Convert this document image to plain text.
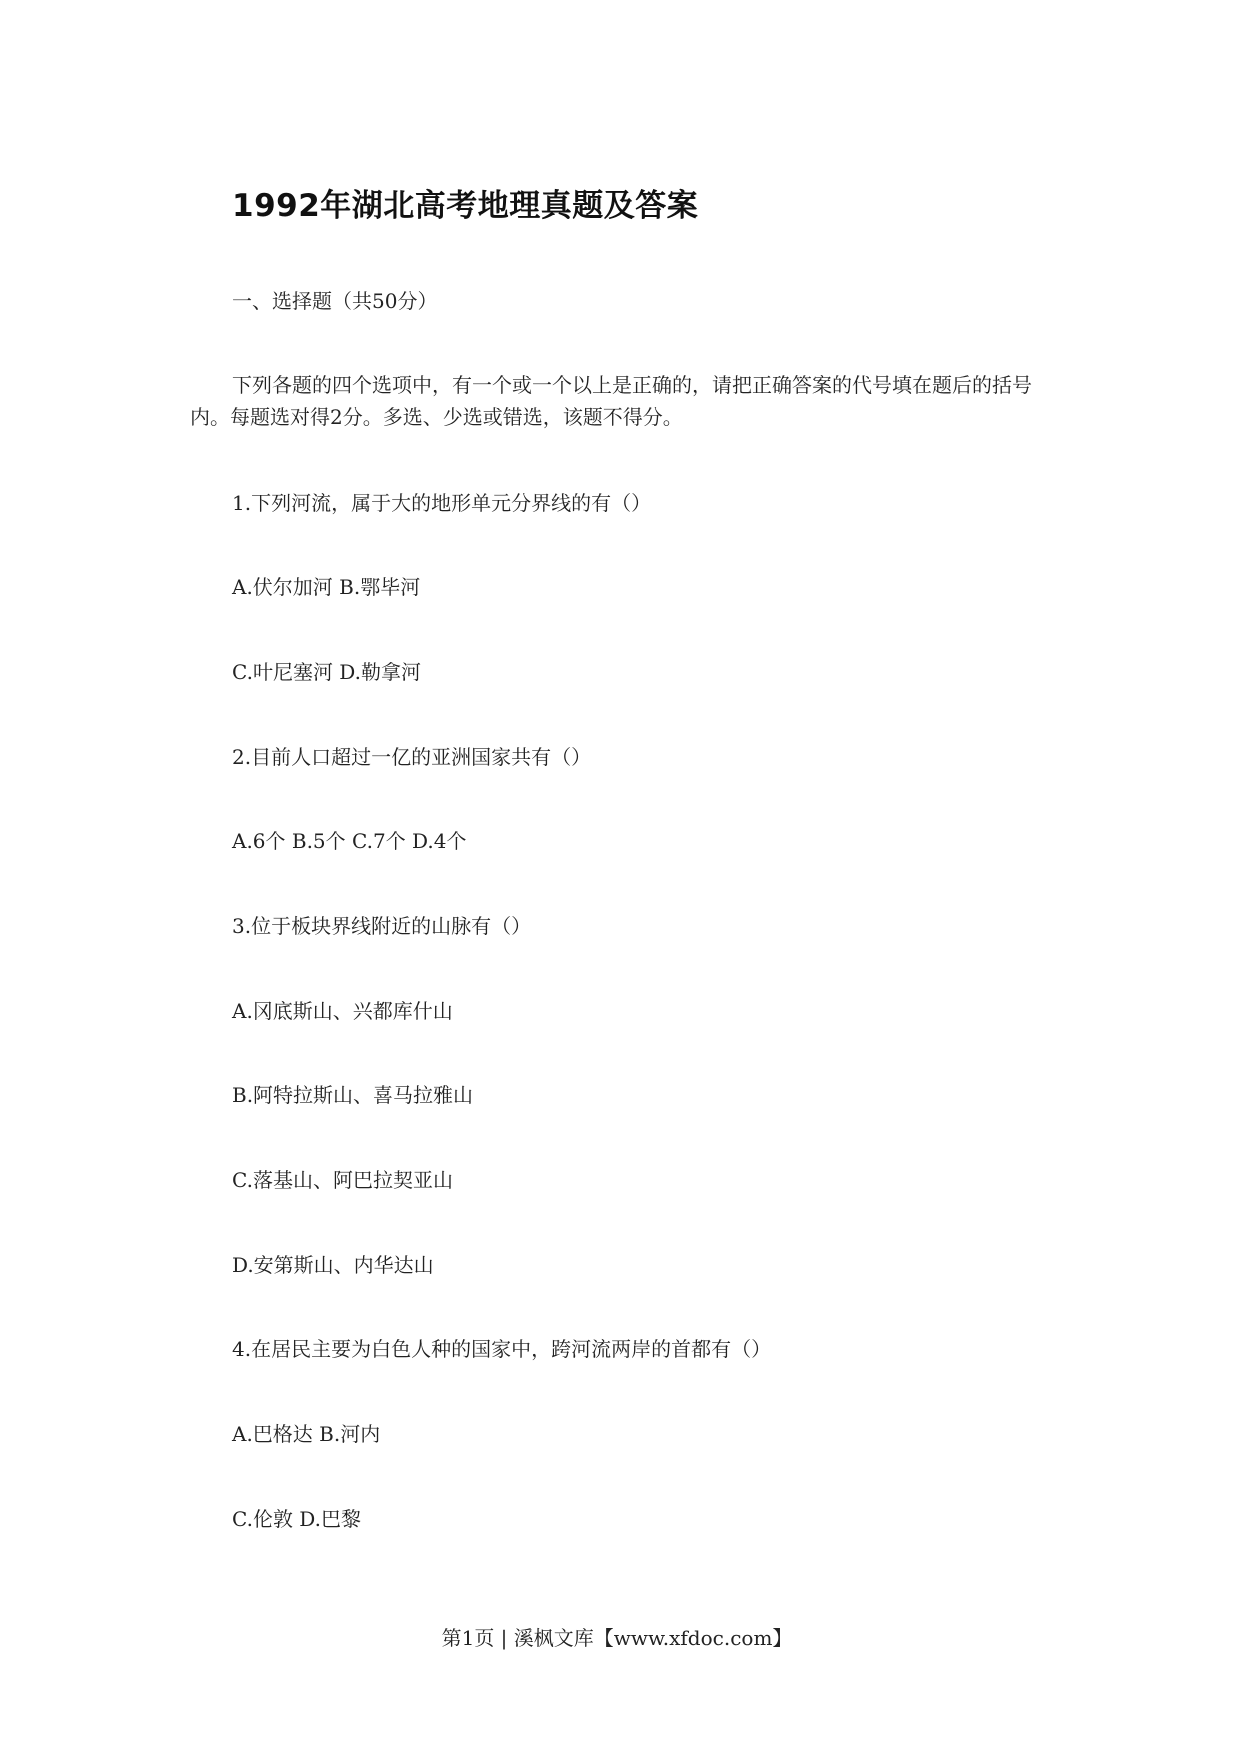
1992年湖北高考地理真题及答案
一、选择题（共50分）
下列各题的四个选项中，有一个或一个以上是正确的，请把正确答案的代号填在题后的括号内。每题选对得2分。多选、少选或错选，该题不得分。
1.下列河流，属于大的地形单元分界线的有（）
A.伏尔加河 B.鄂毕河
C.叶尼塞河 D.勒拿河
2.目前人口超过一亿的亚洲国家共有（）
A.6个 B.5个 C.7个 D.4个
3.位于板块界线附近的山脉有（）
A.冈底斯山、兴都库什山
B.阿特拉斯山、喜马拉雅山
C.落基山、阿巴拉契亚山
D.安第斯山、内华达山
4.在居民主要为白色人种的国家中，跨河流两岸的首都有（）
A.巴格达 B.河内
C.伦敦 D.巴黎
第1页 | 溪枫文库【www.xfdoc.com】
